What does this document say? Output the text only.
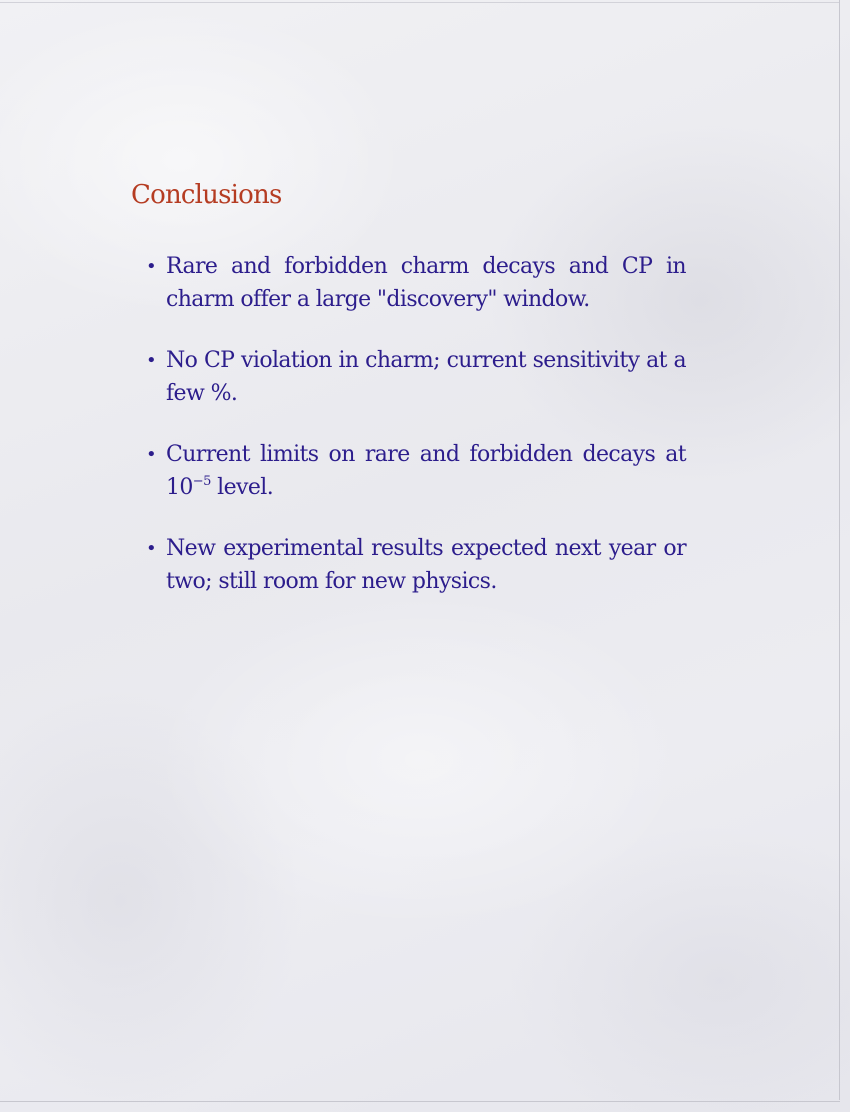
Conclusions
• Rare and forbidden charm decays and CP in charm offer a large "discovery" window.
• No CP violation in charm; current sensitivity at a few %.
• Current limits on rare and forbidden decays at $10^{-5}$ level.
• New experimental results expected next year or two; still room for new physics.
